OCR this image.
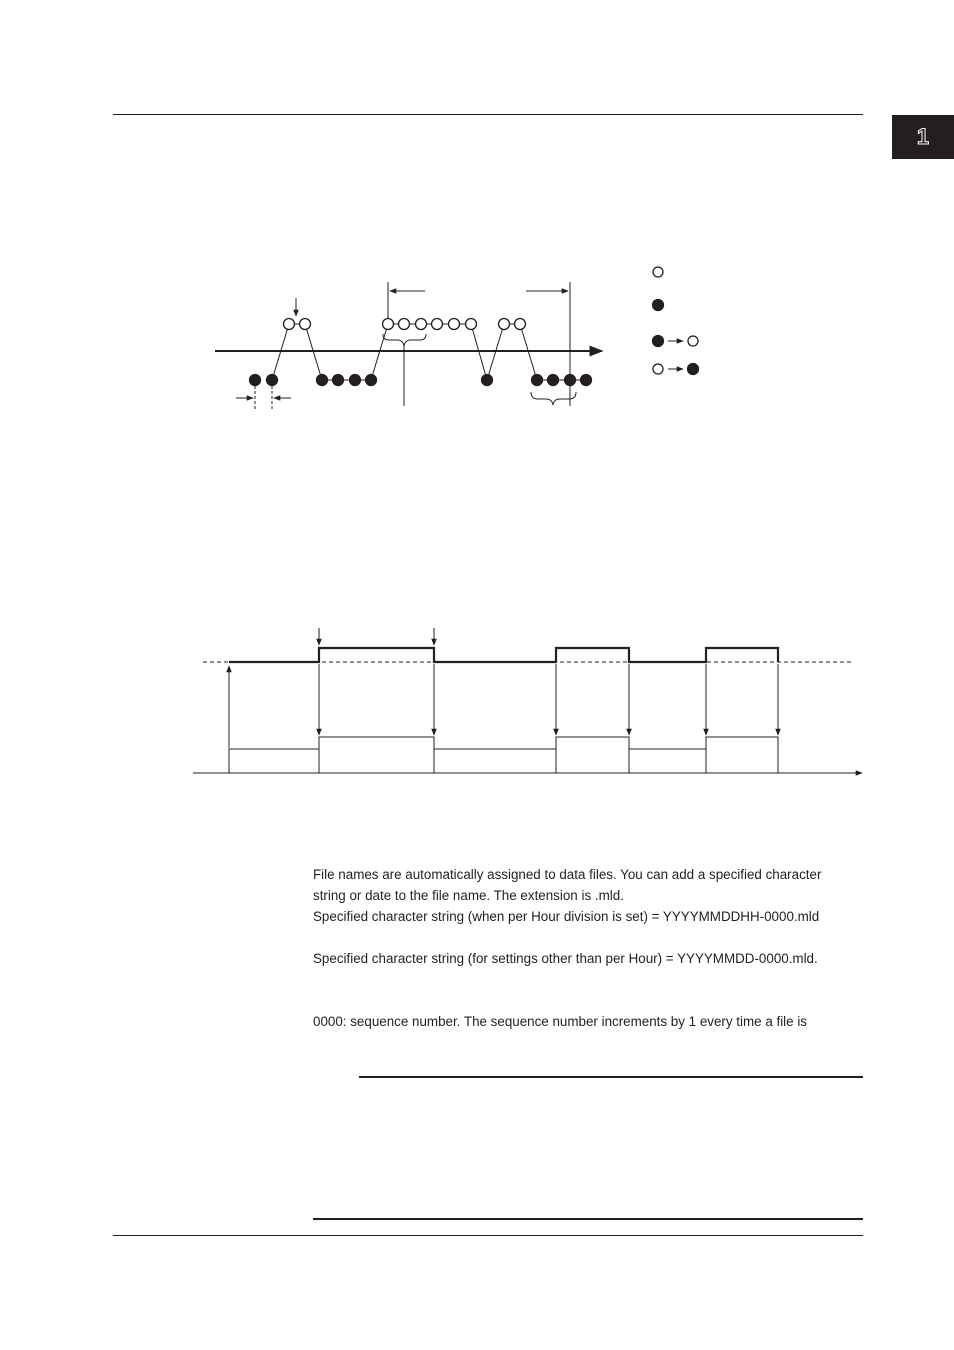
1

File names are automatically assigned to data files. You can add a specified character

string or date to the file name. The extension is .mld.

Specified character string (when per Hour division is set) = YYYYMMDDHH-0000.mld

Specified character string (for settings other than per Hour) = YYYYMMDD-0000.mld.

0000: sequence number. The sequence number increments by 1 every time a file is
